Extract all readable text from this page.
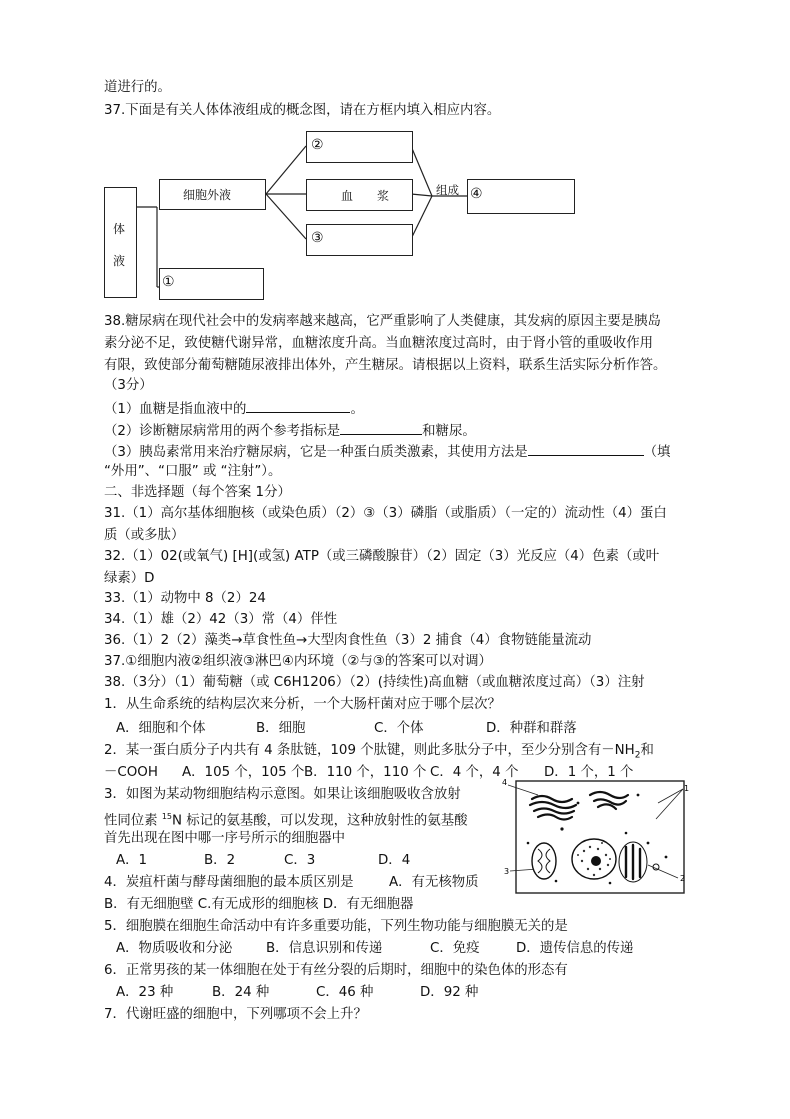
道进行的。
37.下面是有关人体体液组成的概念图，请在方框内填入相应内容。
体
液
细胞外液
②
血　　浆
③
①
组成 ④
38.糖尿病在现代社会中的发病率越来越高，它严重影响了人类健康，其发病的原因主要是胰岛
素分泌不足，致使糖代谢异常，血糖浓度升高。当血糖浓度过高时，由于肾小管的重吸收作用
有限，致使部分葡萄糖随尿液排出体外，产生糖尿。请根据以上资料，联系生活实际分析作答。
（3分）
（1）血糖是指血液中的	。
（2）诊断糖尿病常用的两个参考指标是	和糖尿。
（3）胰岛素常用来治疗糖尿病，它是一种蛋白质类激素，其使用方法是	（填
“外用”、“口服” 或 “注射”）。
二、非选择题（每个答案 1分）
31.（1）高尔基体细胞核（或染色质）（2）③（3）磷脂（或脂质）（一定的）流动性（4）蛋白
质（或多肽）
32.（1）02(或氧气) [H](或氢) ATP（或三磷酸腺苷）（2）固定（3）光反应（4）色素（或叶
绿素）D
33.（1）动物中 8（2）24
34.（1）雄（2）42（3）常（4）伴性
36.（1）2（2）藻类→草食性鱼→大型肉食性鱼（3）2 捕食（4）食物链能量流动
37.①细胞内液②组织液③淋巴④内环境（②与③的答案可以对调）
38.（3分）（1）葡萄糖（或 C6H1206）（2）(持续性)高血糖（或血糖浓度过高）（3）注射
1．从生命系统的结构层次来分析，一个大肠杆菌对应于哪个层次？
A．细胞和个体	B．细胞	C．个体	D．种群和群落
2．某一蛋白质分子内共有 4 条肽链，109 个肽键，则此多肽分子中，至少分别含有$-NH_2$和
－COOH A．105 个，105 个B．110 个，110 个 C．4 个，4 个 D．1 个，1 个
3．如图为某动物细胞结构示意图。如果让该细胞吸收含放射
性同位素 $^{15}$N 标记的氨基酸，可以发现，这种放射性的氨基酸
首先出现在图中哪一序号所示的细胞器中
A．1	B．2	C．3	D．4
4
1
3
2
4．炭疽杆菌与酵母菌细胞的最本质区别是	A．有无核物质
B．有无细胞壁 C.有无成形的细胞核 D．有无细胞器
5．细胞膜在细胞生命活动中有许多重要功能，下列生物功能与细胞膜无关的是
A．物质吸收和分泌	B．信息识别和传递	C．免疫	D．遗传信息的传递
6．正常男孩的某一体细胞在处于有丝分裂的后期时，细胞中的染色体的形态有
A．23 种	B．24 种	C．46 种	D．92 种
7．代谢旺盛的细胞中，下列哪项不会上升？
